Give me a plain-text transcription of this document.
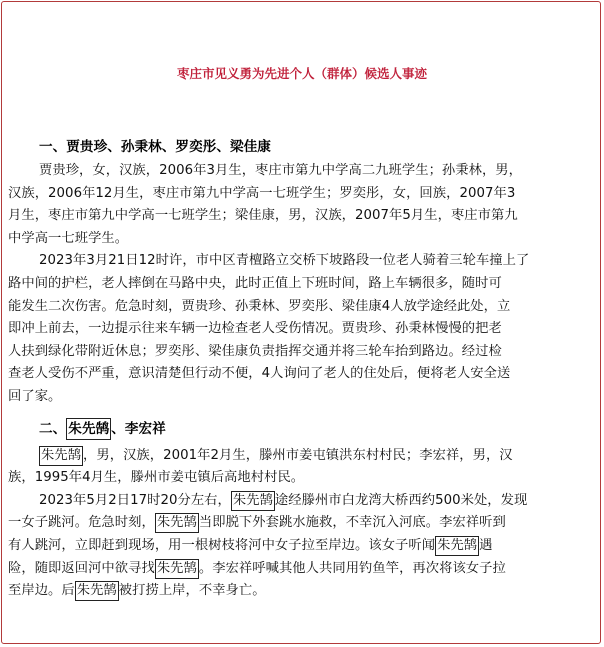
枣庄市见义勇为先进个人（群体）候选人事迹

一、贾贵珍、孙秉林、罗奕彤、梁佳康

贾贵珍，女，汉族，2006年3月生，枣庄市第九中学高二九班学生；孙秉林，男，
汉族，2006年12月生，枣庄市第九中学高一七班学生；罗奕彤，女，回族，2007年3
月生，枣庄市第九中学高一七班学生；梁佳康，男，汉族，2007年5月生，枣庄市第九
中学高一七班学生。

2023年3月21日12时许，市中区青檀路立交桥下坡路段一位老人骑着三轮车撞上了
路中间的护栏，老人摔倒在马路中央，此时正值上下班时间，路上车辆很多，随时可
能发生二次伤害。危急时刻，贾贵珍、孙秉林、罗奕彤、梁佳康4人放学途经此处，立
即冲上前去，一边提示往来车辆一边检查老人受伤情况。贾贵珍、孙秉林慢慢的把老
人扶到绿化带附近休息；罗奕彤、梁佳康负责指挥交通并将三轮车抬到路边。经过检
查老人受伤不严重，意识清楚但行动不便，4人询问了老人的住处后，便将老人安全送
回了家。

二、 朱先鹄 、李宏祥

朱先鹄 ，男，汉族，2001年2月生，滕州市姜屯镇洪东村村民；李宏祥，男，汉
族，1995年4月生，滕州市姜屯镇后高地村村民。

2023年5月2日17时20分左右， 朱先鹄 途经滕州市白龙湾大桥西约500米处，发现
一女子跳河。危急时刻， 朱先鹄 当即脱下外套跳水施救，不幸沉入河底。李宏祥听到
有人跳河，立即赶到现场，用一根树枝将河中女子拉至岸边。该女子听闻 朱先鹄 遇
险，随即返回河中欲寻找 朱先鹄 。李宏祥呼喊其他人共同用钓鱼竿，再次将该女子拉
至岸边。后 朱先鹄 被打捞上岸，不幸身亡。
